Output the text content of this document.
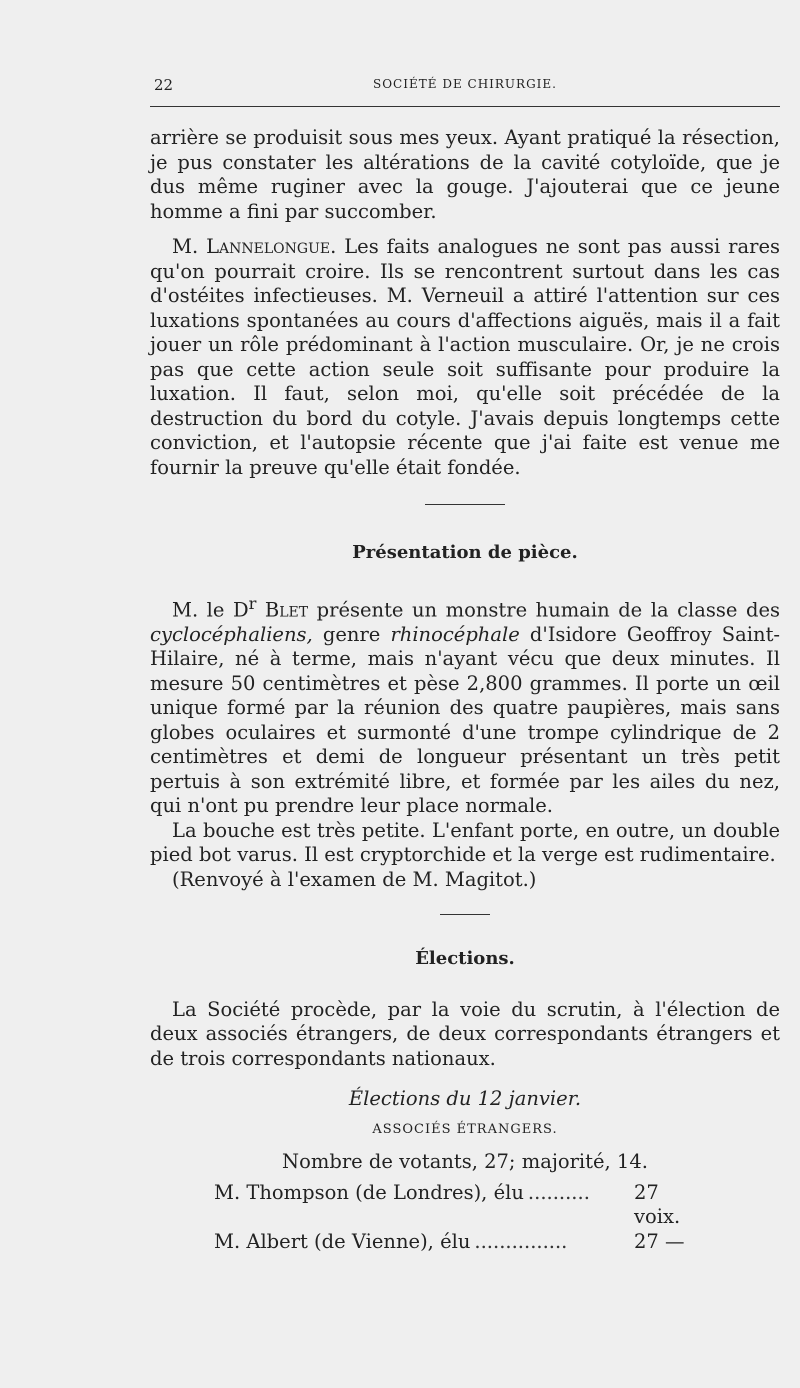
22	SOCIÉTÉ DE CHIRURGIE.

arrière se produisit sous mes yeux. Ayant pratiqué la résection, je pus constater les altérations de la cavité cotyloïde, que je dus même ruginer avec la gouge. J'ajouterai que ce jeune homme a fini par succomber.

M. Lannelongue. Les faits analogues ne sont pas aussi rares qu'on pourrait croire. Ils se rencontrent surtout dans les cas d'ostéites infectieuses. M. Verneuil a attiré l'attention sur ces luxations spontanées au cours d'affections aiguës, mais il a fait jouer un rôle prédominant à l'action musculaire. Or, je ne crois pas que cette action seule soit suffisante pour produire la luxation. Il faut, selon moi, qu'elle soit précédée de la destruction du bord du cotyle. J'avais depuis longtemps cette conviction, et l'autopsie récente que j'ai faite est venue me fournir la preuve qu'elle était fondée.

Présentation de pièce.

M. le $D^r$ Blet présente un monstre humain de la classe des cyclocéphaliens, genre rhinocéphale d'Isidore Geoffroy Saint-Hilaire, né à terme, mais n'ayant vécu que deux minutes. Il mesure 50 centimètres et pèse 2,800 grammes. Il porte un œil unique formé par la réunion des quatre paupières, mais sans globes oculaires et surmonté d'une trompe cylindrique de 2 centimètres et demi de longueur présentant un très petit pertuis à son extrémité libre, et formée par les ailes du nez, qui n'ont pu prendre leur place normale.

La bouche est très petite. L'enfant porte, en outre, un double pied bot varus. Il est cryptorchide et la verge est rudimentaire.

(Renvoyé à l'examen de M. Magitot.)

Élections.

La Société procède, par la voie du scrutin, à l'élection de deux associés étrangers, de deux correspondants étrangers et de trois correspondants nationaux.

Élections du 12 janvier.
ASSOCIÉS ÉTRANGERS.
Nombre de votants, 27; majorité, 14.
M. Thompson (de Londres), élu ..........	27 voix.
M. Albert (de Vienne), élu ...............	27 —
